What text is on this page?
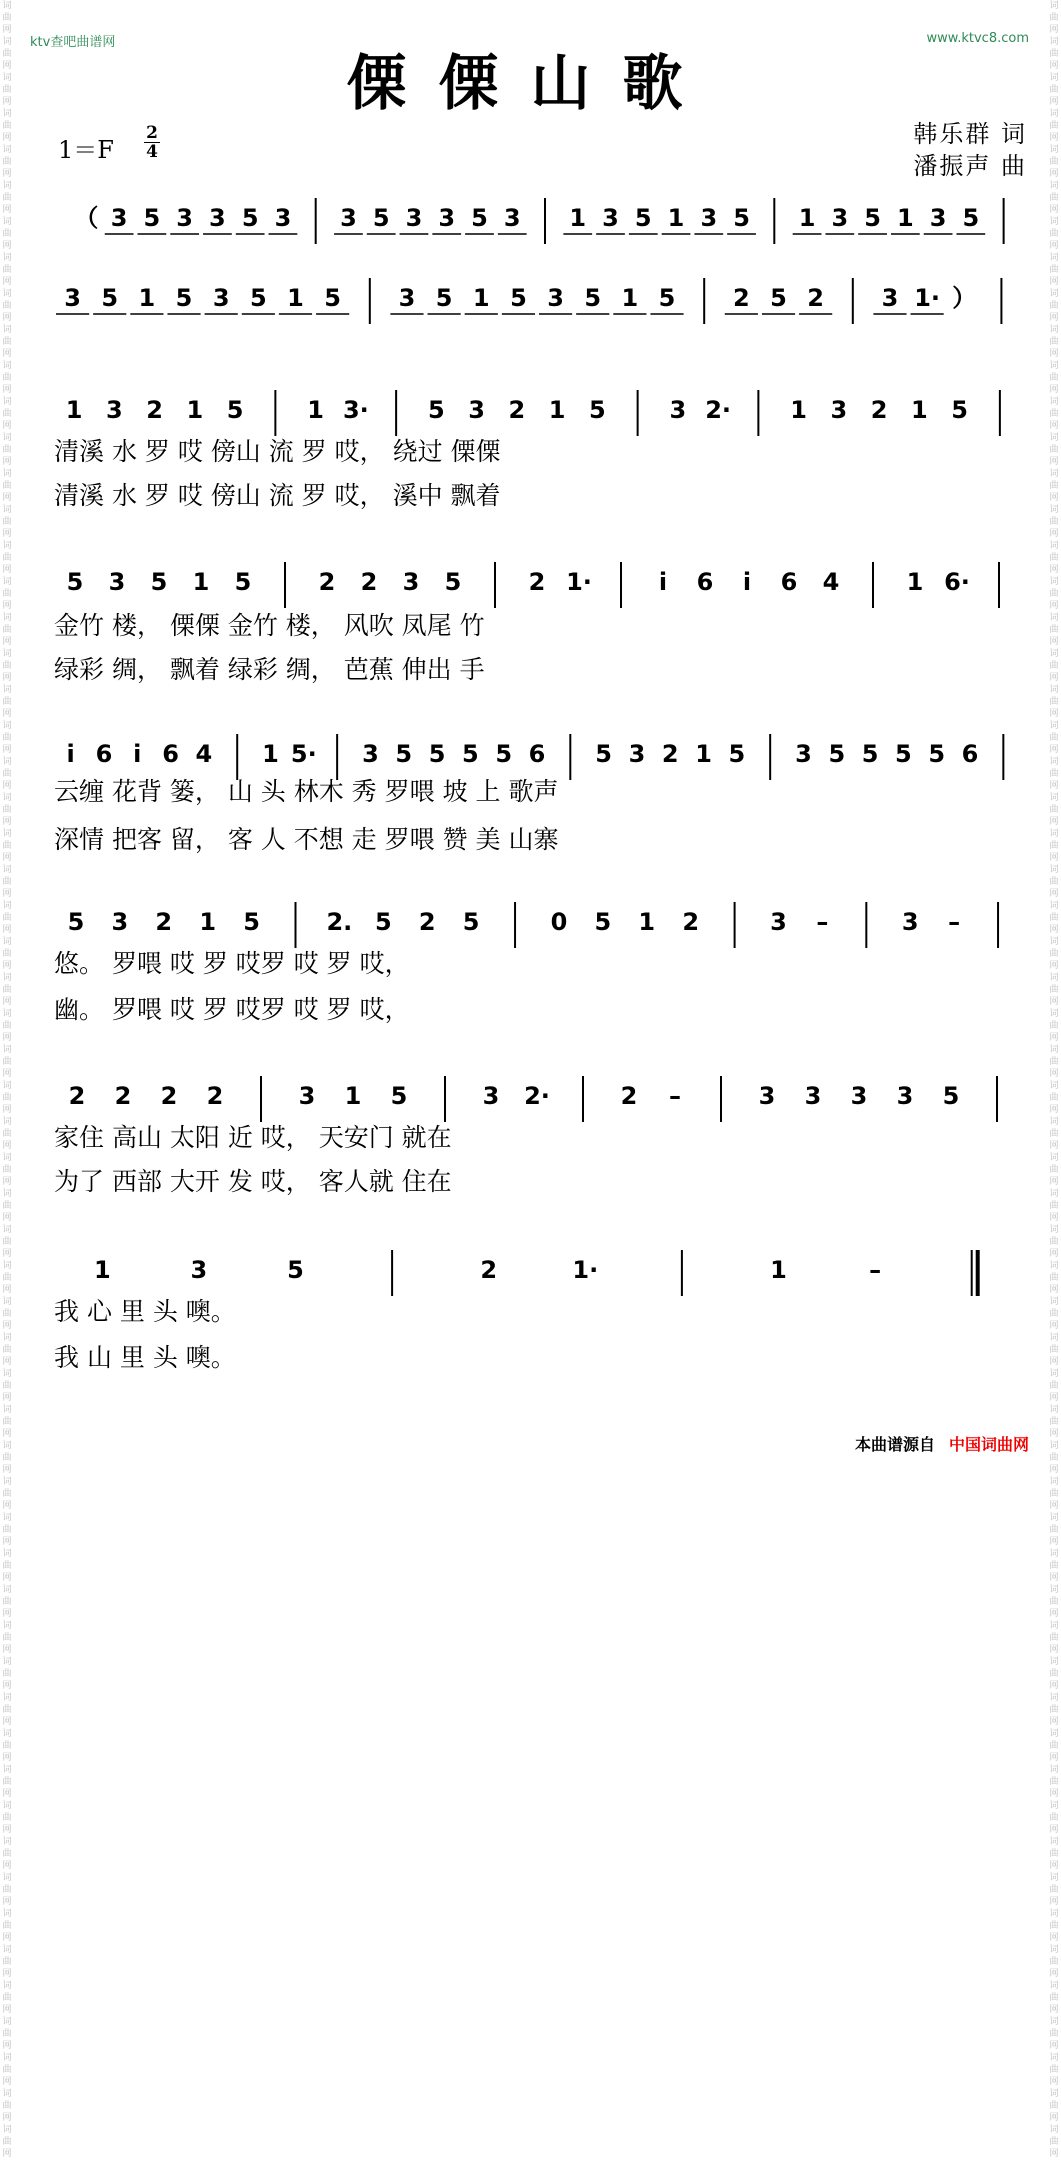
ktv查吧曲谱网	www.ktvc8.com
傈傈山歌
1＝F
2
4
韩乐群 词
潘振声 曲
词曲网 词曲网 词曲网 词曲网 词曲网 词曲网 词曲网 词曲网 词曲网 词曲网 词曲网 词曲网 词曲网 词曲网 词曲网 词曲网 词曲网 词曲网 词曲网 词曲网 词曲网 词曲网 词曲网 词曲网 词曲网 词曲网 词曲网 词曲网 词曲网 词曲网 词曲网 词曲网 词曲网 词曲网 词曲网 词曲网 词曲网 词曲网 词曲网 词曲网 词曲网 词曲网 词曲网 词曲网 词曲网 词曲网 词曲网 词曲网 词曲网 词曲网 词曲网 词曲网 词曲网 词曲网 词曲网 词曲网 词曲网 词曲网 词曲网 词曲网
词曲网 词曲网 词曲网 词曲网 词曲网 词曲网 词曲网 词曲网 词曲网 词曲网 词曲网 词曲网 词曲网 词曲网 词曲网 词曲网 词曲网 词曲网 词曲网 词曲网 词曲网 词曲网 词曲网 词曲网 词曲网 词曲网 词曲网 词曲网 词曲网 词曲网 词曲网 词曲网 词曲网 词曲网 词曲网 词曲网 词曲网 词曲网 词曲网 词曲网 词曲网 词曲网 词曲网 词曲网 词曲网 词曲网 词曲网 词曲网 词曲网 词曲网 词曲网 词曲网 词曲网 词曲网 词曲网 词曲网 词曲网 词曲网 词曲网 词曲网
（ 3 5 3 3 5 3 3 5 3 3 5 3 1 3 5 1 3 5 1 3 5 1 3 5
3 5 1 5 3 5 1 5 3 5 1 5 3 5 1 5 2 5 2 3 1· ）
1 3 2 1 5	1 3· 5 3 2 1 5	3 2· 1 3 2 1 5
清溪 水 罗 哎 傍山 流 罗 哎， 绕过 傈傈
清溪 水 罗 哎 傍山 流 罗 哎， 溪中 飘着
5 3 5 1 5	2 2 3 5	2 1·	i 6 i 6 4	1 6·
金竹 楼， 傈傈 金竹 楼， 风吹 凤尾 竹
绿彩 绸， 飘着 绿彩 绸， 芭蕉 伸出 手
i 6 i 6 4 1 5· 3 5 5 5 5 6 5 3 2 1 5 3 5 5 5 5 6
云缠 花背 篓， 山 头 林木 秀 罗喂 坡 上 歌声
深情 把客 留， 客 人 不想 走 罗喂 赞 美 山寨
5 3 2 1 5	2. 5 2 5	0 5 1 2	3 –	3 –
悠。 罗喂 哎 罗 哎罗 哎 罗 哎，
幽。 罗喂 哎 罗 哎罗 哎 罗 哎，
2 2 2 2	3 1 5	3 2·	2 –	3 3 3 3 5
家住 高山 太阳 近 哎， 天安门 就在
为了 西部 大开 发 哎， 客人就 住在
1	3	5	2	1·	1	–
我 心 里 头 噢。
我 山 里 头 噢。
本曲谱源自 中国词曲网
